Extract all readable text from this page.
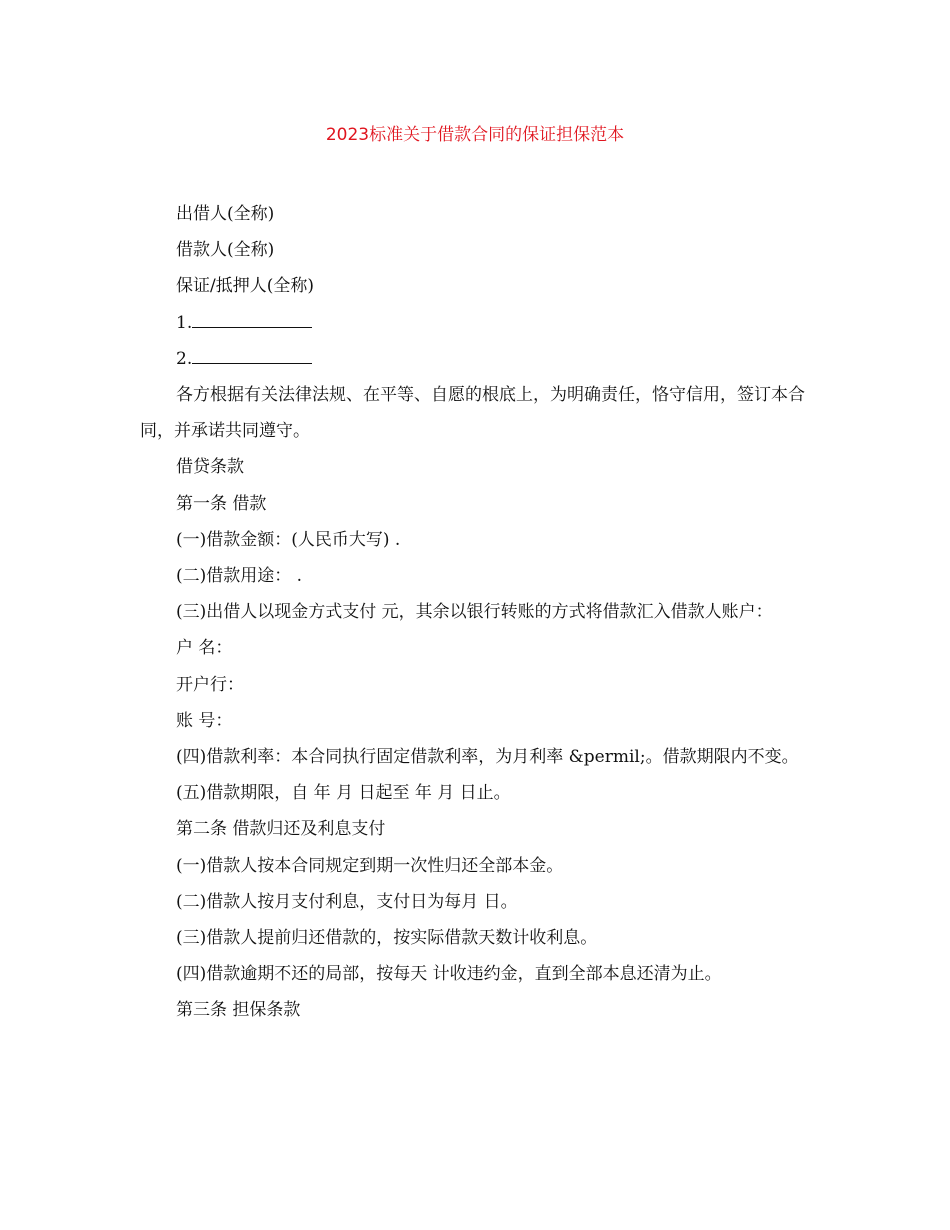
2023标准关于借款合同的保证担保范本

出借人(全称)

借款人(全称)

保证/抵押人(全称)

1.

2.

各方根据有关法律法规、在平等、自愿的根底上，为明确责任，恪守信用，签订本合同，并承诺共同遵守。

借贷条款

第一条 借款

(一)借款金额：(人民币大写) .

(二)借款用途： .

(三)出借人以现金方式支付 元，其余以银行转账的方式将借款汇入借款人账户：

户 名：

开户行：

账 号：

(四)借款利率：本合同执行固定借款利率，为月利率 &permil;。借款期限内不变。

(五)借款期限，自 年 月 日起至 年 月 日止。

第二条 借款归还及利息支付

(一)借款人按本合同规定到期一次性归还全部本金。

(二)借款人按月支付利息，支付日为每月 日。

(三)借款人提前归还借款的，按实际借款天数计收利息。

(四)借款逾期不还的局部，按每天 计收违约金，直到全部本息还清为止。

第三条 担保条款
